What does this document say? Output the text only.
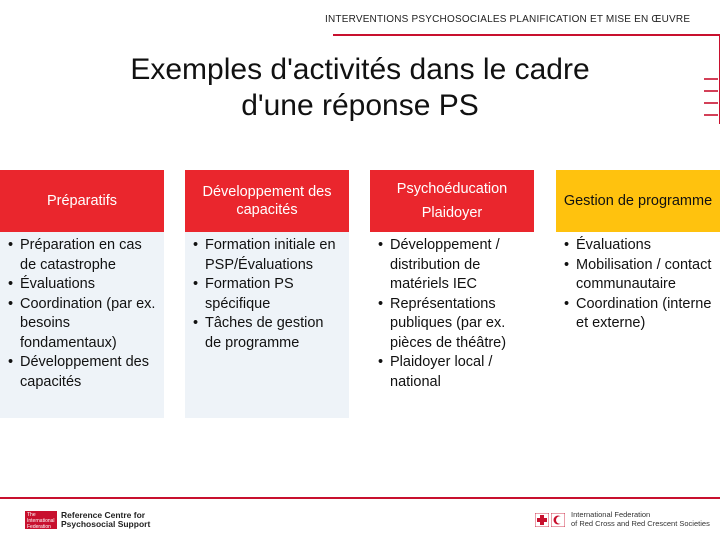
INTERVENTIONS PSYCHOSOCIALES PLANIFICATION ET MISE EN ŒUVRE
Exemples d'activités dans le cadre
d'une réponse PS
Préparatifs
• Préparation en cas de catastrophe
• Évaluations
• Coordination (par ex. besoins fondamentaux)
• Développement des capacités
Développement des capacités
• Formation initiale en PSP/Évaluations
• Formation PS spécifique
• Tâches de gestion de programme
Psychoéducation
Plaidoyer
• Développement / distribution de matériels IEC
• Représentations publiques (par ex. pièces de théâtre)
• Plaidoyer local / national
Gestion de programme
• Évaluations
• Mobilisation / contact communautaire
• Coordination (interne et externe)
The International Federation
Reference Centre for
Psychosocial Support
International Federation
of Red Cross and Red Crescent Societies
